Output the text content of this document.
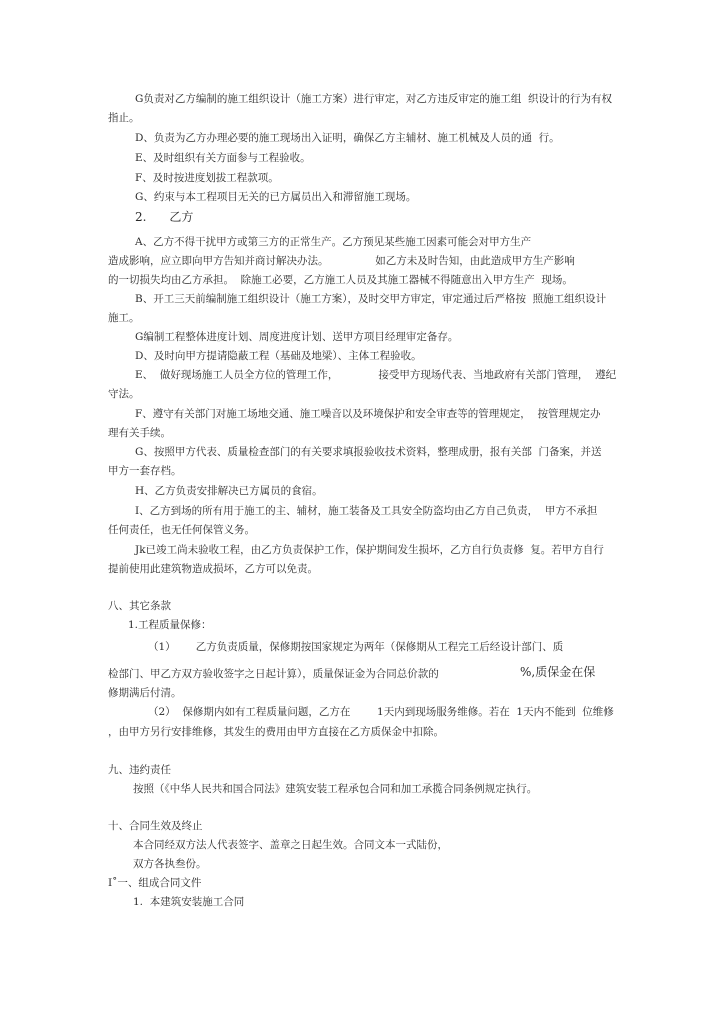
G负责对乙方编制的施工组织设计（施工方案）进行审定，对乙方违反审定的施工组  织设计的行为有权
指止。
D、负责为乙方办理必要的施工现场出入证明，确保乙方主辅材、施工机械及人员的通  行。
E、及时组织有关方面参与工程验收。
F、及时按进度划拔工程款项。
G、约束与本工程项目无关的已方属员出入和滞留施工现场。
2.      乙方
A、乙方不得干扰甲方或第三方的正常生产。乙方预见某些施工因素可能会对甲方生产
造成影响，应立即向甲方告知并商讨解决办法。              如乙方未及时告知，由此造成甲方生产影响
的一切损失均由乙方承担。  除施工必要，乙方施工人员及其施工器械不得随意出入甲方生产  现场。
B、开工三天前编制施工组织设计（施工方案），及时交甲方审定，审定通过后严格按  照施工组织设计
施工。
G编制工程整体进度计划、周度进度计划、送甲方项目经理审定备存。
D、及时向甲方提请隐蔽工程（基础及地梁）、主体工程验收。
E、  做好现场施工人员全方位的管理工作，            接受甲方现场代表、当地政府有关部门管理，  遵纪
守法。
F、遵守有关部门对施工场地交通、施工噪音以及环境保护和安全审查等的管理规定，  按管理规定办
理有关手续。
G、按照甲方代表、质量检查部门的有关要求填报验收技术资料，整理成册，报有关部  门备案，并送
甲方一套存档。
H、乙方负责安排解决已方属员的食宿。
I、乙方到场的所有用于施工的主、辅材，施工装备及工具安全防盗均由乙方自己负责，  甲方不承担
任何责任，也无任何保管义务。
Jk已竣工尚未验收工程，由乙方负责保护工作，保护期间发生损坏，乙方自行负责修  复。若甲方自行
提前使用此建筑物造成损坏，乙方可以免责。
八、其它条款
1.工程质量保修：
（1）      乙方负责质量，保修期按国家规定为两年（保修期从工程完工后经设计部门、质
检部门、甲乙方双方验收签字之日起计算），质量保证金为合同总价款的	%,质保金在保
修期满后付清。
（2）  保修期内如有工程质量问题，乙方在        1天内到现场服务维修。若在  1天内不能到  位维修
，由甲方另行安排维修，其发生的费用由甲方直接在乙方质保金中扣除。
九、违约责任
按照（《中华人民共和国合同法》建筑安装工程承包合同和加工承揽合同条例规定执行。
十、合同生效及终止
本合同经双方法人代表签字、盖章之日起生效。合同文本一式陆份，
双方各执叁份。
I˚一、组成合同文件
1.  本建筑安装施工合同
